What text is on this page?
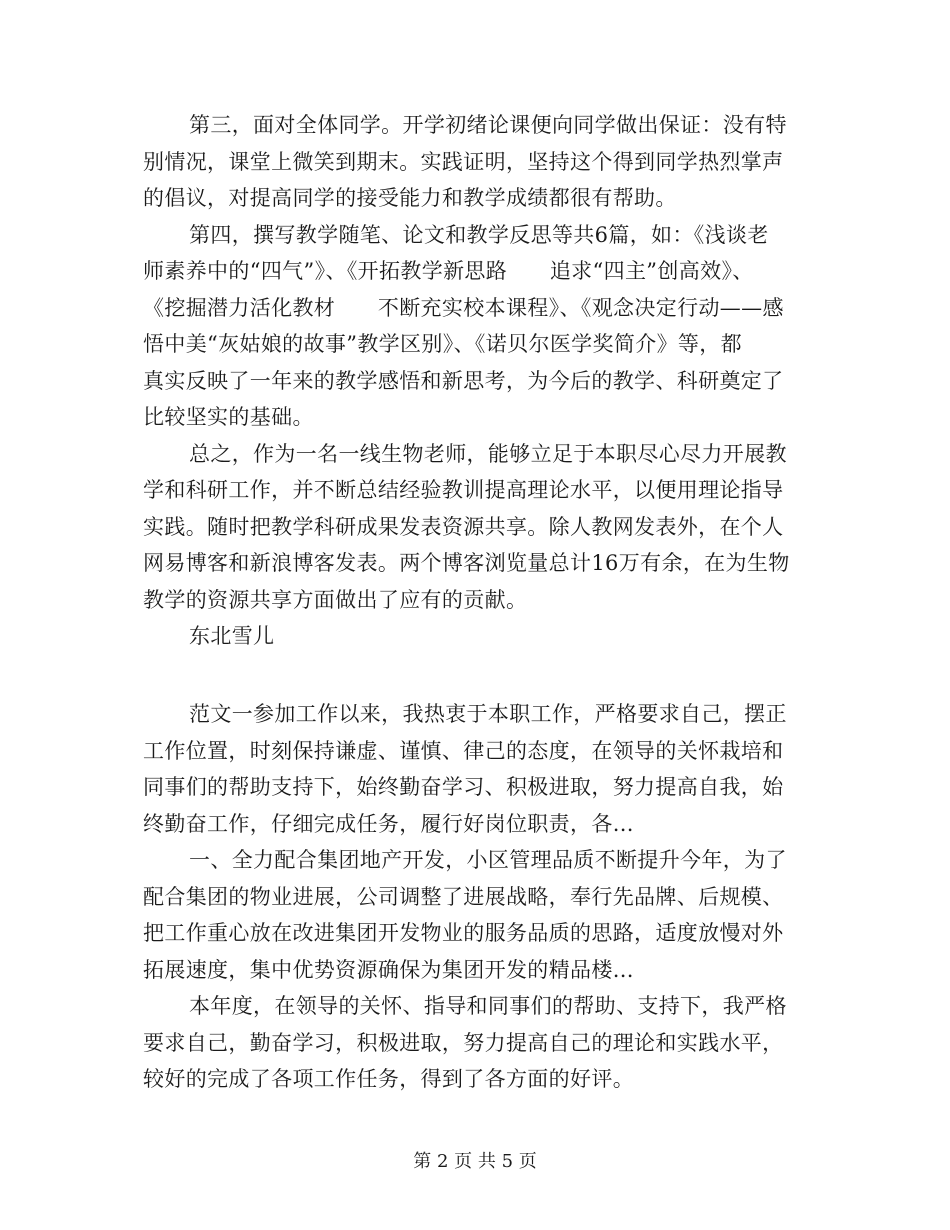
第三，面对全体同学。开学初绪论课便向同学做出保证：没有特
别情况，课堂上微笑到期末。实践证明，坚持这个得到同学热烈掌声
的倡议，对提高同学的接受能力和教学成绩都很有帮助。
第四，撰写教学随笔、论文和教学反思等共6篇，如：《浅谈老
师素养中的“四气”》、《开拓教学新思路　　追求“四主”创高效》、
《挖掘潜力活化教材　　不断充实校本课程》、《观念决定行动——感
悟中美“灰姑娘的故事”教学区别》、《诺贝尔医学奖简介》等，都
真实反映了一年来的教学感悟和新思考，为今后的教学、科研奠定了
比较坚实的基础。
总之，作为一名一线生物老师，能够立足于本职尽心尽力开展教
学和科研工作，并不断总结经验教训提高理论水平，以便用理论指导
实践。随时把教学科研成果发表资源共享。除人教网发表外，在个人
网易博客和新浪博客发表。两个博客浏览量总计16万有余，在为生物
教学的资源共享方面做出了应有的贡献。
东北雪儿
范文一参加工作以来，我热衷于本职工作，严格要求自己，摆正
工作位置，时刻保持谦虚、谨慎、律己的态度，在领导的关怀栽培和
同事们的帮助支持下，始终勤奋学习、积极进取，努力提高自我，始
终勤奋工作，仔细完成任务，履行好岗位职责，各...
一、全力配合集团地产开发，小区管理品质不断提升今年，为了
配合集团的物业进展，公司调整了进展战略，奉行先品牌、后规模、
把工作重心放在改进集团开发物业的服务品质的思路，适度放慢对外
拓展速度，集中优势资源确保为集团开发的精品楼...
本年度，在领导的关怀、指导和同事们的帮助、支持下，我严格
要求自己，勤奋学习，积极进取，努力提高自己的理论和实践水平，
较好的完成了各项工作任务，得到了各方面的好评。
第 2 页 共 5 页
